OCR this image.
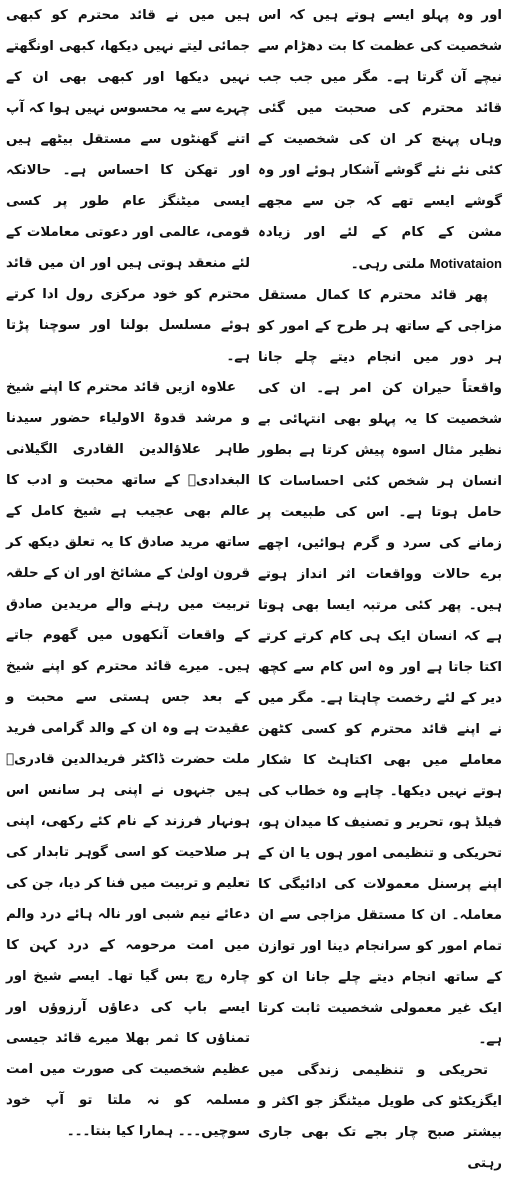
اور وہ پہلو ایسے ہوتے ہیں کہ اس شخصیت کی عظمت کا بت دھڑام سے نیچے آن گرتا ہے۔ مگر میں جب جب قائد محترم کی صحبت میں گئی وہاں پہنچ کر ان کی شخصیت کے کئی نئے نئے گوشے آشکار ہوئے اور وہ گوشے ایسے تھے کہ جن سے مجھے مشن کے کام کے لئے اور زیادہ Motivataion ملتی رہی۔

پھر قائد محترم کا کمال مستقل مزاجی کے ساتھ ہر طرح کے امور کو ہر دور میں انجام دیتے چلے جانا واقعتاً حیران کن امر ہے۔ ان کی شخصیت کا یہ پہلو بھی انتہائی بے نظیر مثال اسوہ پیش کرتا ہے بطور انسان ہر شخص کئی احساسات کا حامل ہوتا ہے۔ اس کی طبیعت پر زمانے کی سرد و گرم ہوائیں، اچھے برے حالات وواقعات اثر انداز ہوتے ہیں۔ پھر کئی مرتبہ ایسا بھی ہوتا ہے کہ انسان ایک ہی کام کرتے کرتے اکتا جاتا ہے اور وہ اس کام سے کچھ دیر کے لئے رخصت چاہتا ہے۔ مگر میں نے اپنے قائد محترم کو کسی کٹھن معاملے میں بھی اکتاہٹ کا شکار ہوتے نہیں دیکھا۔ چاہے وہ خطاب کی فیلڈ ہو، تحریر و تصنیف کا میدان ہو، تحریکی و تنظیمی امور ہوں یا ان کے اپنے پرسنل معمولات کی ادائیگی کا معاملہ۔ ان کا مستقل مزاجی سے ان تمام امور کو سرانجام دینا اور توازن کے ساتھ انجام دیتے چلے جانا ان کو ایک غیر معمولی شخصیت ثابت کرتا ہے۔

تحریکی و تنظیمی زندگی میں ایگزیکٹو کی طویل میٹنگز جو اکثر و بیشتر صبح چار بجے تک بھی جاری رہتی

ہیں میں نے قائد محترم کو کبھی جمائی لیتے نہیں دیکھا، کبھی اونگھتے نہیں دیکھا اور کبھی بھی ان کے چہرے سے یہ محسوس نہیں ہوا کہ آپ اتنے گھنٹوں سے مستقل بیٹھے ہیں اور تھکن کا احساس ہے۔ حالانکہ ایسی میٹنگز عام طور پر کسی قومی، عالمی اور دعوتی معاملات کے لئے منعقد ہوتی ہیں اور ان میں قائد محترم کو خود مرکزی رول ادا کرتے ہوئے مسلسل بولنا اور سوچنا پڑتا ہے۔

علاوہ ازیں قائد محترم کا اپنے شیخ و مرشد قدوۃ الاولیاء حضور سیدنا طاہر علاؤالدین القادری الگیلانی البغدادیؒ کے ساتھ محبت و ادب کا عالم بھی عجیب ہے شیخ کامل کے ساتھ مرید صادق کا یہ تعلق دیکھ کر قرون اولیٰ کے مشائخ اور ان کے حلقہ تربیت میں رہنے والے مریدین صادق کے واقعات آنکھوں میں گھوم جاتے ہیں۔ میرے قائد محترم کو اپنے شیخ کے بعد جس ہستی سے محبت و عقیدت ہے وہ ان کے والد گرامی فرید ملت حضرت ڈاکٹر فریدالدین قادریؒ ہیں جنہوں نے اپنی ہر سانس اس ہونہار فرزند کے نام کئے رکھی، اپنی ہر صلاحیت کو اسی گوہر تابدار کی تعلیم و تربیت میں فنا کر دیا، جن کی دعائے نیم شبی اور نالہ ہائے درد والم میں امت مرحومہ کے درد کہن کا چارہ رچ بس گیا تھا۔ ایسے شیخ اور ایسے باپ کی دعاؤں آرزوؤں اور تمناؤں کا ثمر بھلا میرے قائد جیسی عظیم شخصیت کی صورت میں امت مسلمہ کو نہ ملتا تو آپ خود سوچیں۔۔۔ ہمارا کیا بنتا۔۔۔
